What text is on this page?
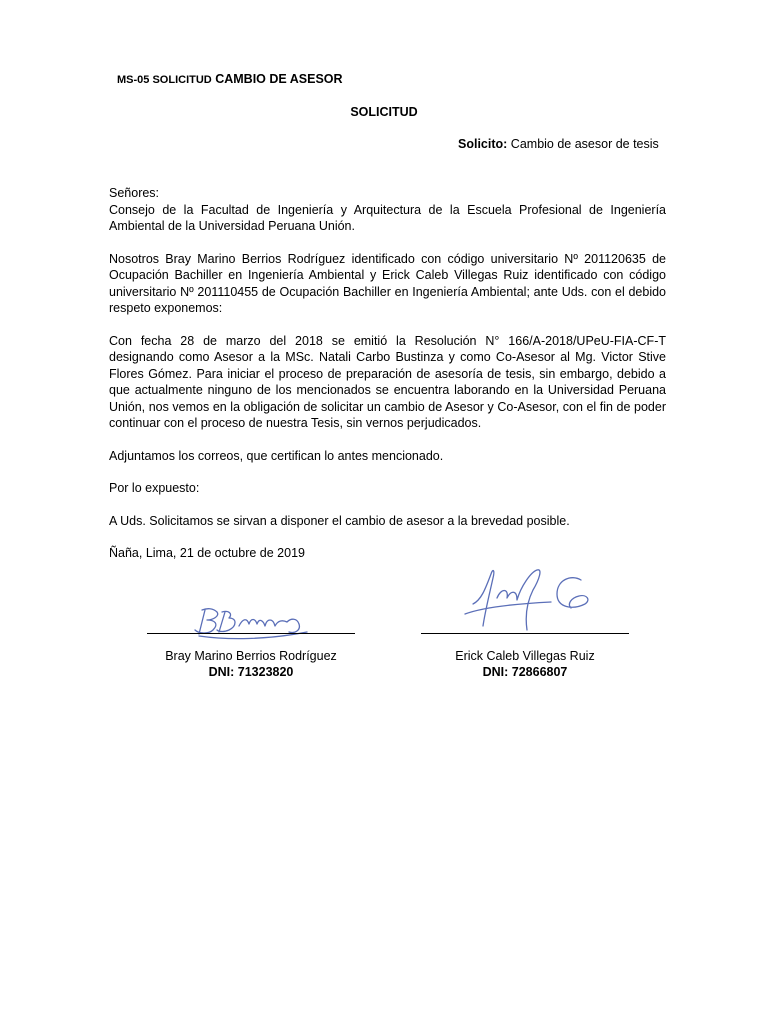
MS-05 SOLICITUD CAMBIO DE ASESOR
SOLICITUD
Solicito: Cambio de asesor de tesis

Señores:

Consejo de la Facultad de Ingeniería y Arquitectura de la Escuela Profesional de Ingeniería Ambiental de la Universidad Peruana Unión.

Nosotros Bray Marino Berrios Rodríguez identificado con código universitario Nº 201120635 de Ocupación Bachiller en Ingeniería Ambiental y Erick Caleb Villegas Ruiz identificado con código universitario Nº 201110455 de Ocupación Bachiller en Ingeniería Ambiental; ante Uds. con el debido respeto exponemos:

Con fecha 28 de marzo del 2018 se emitió la Resolución N° 166/A-2018/UPeU-FIA-CF-T designando como Asesor a la MSc. Natali Carbo Bustinza y como Co-Asesor al Mg. Victor Stive Flores Gómez. Para iniciar el proceso de preparación de asesoría de tesis, sin embargo, debido a que actualmente ninguno de los mencionados se encuentra laborando en la Universidad Peruana Unión, nos vemos en la obligación de solicitar un cambio de Asesor y Co-Asesor, con el fin de poder continuar con el proceso de nuestra Tesis, sin vernos perjudicados.

Adjuntamos los correos, que certifican lo antes mencionado.

Por lo expuesto:

A Uds. Solicitamos se sirvan a disponer el cambio de asesor a la brevedad posible.

Ñaña, Lima, 21 de octubre de 2019

Bray Marino Berrios Rodríguez
DNI: 71323820
Erick Caleb Villegas Ruiz
DNI: 72866807
